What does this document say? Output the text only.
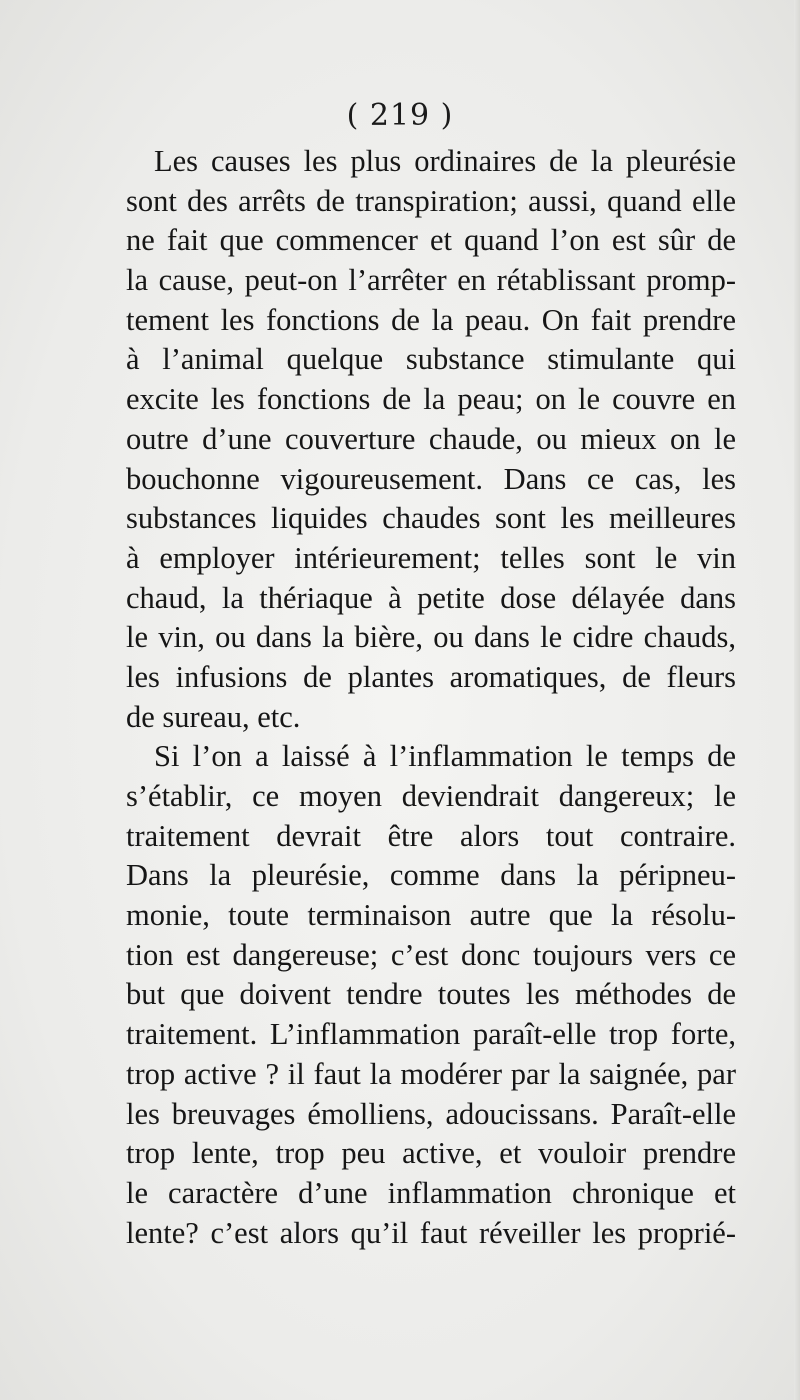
( 219 )
Les causes les plus ordinaires de la pleurésie
sont des arrêts de transpiration; aussi, quand elle
ne fait que commencer et quand l’on est sûr de
la cause, peut-on l’arrêter en rétablissant promp-
tement les fonctions de la peau. On fait prendre
à l’animal quelque substance stimulante qui
excite les fonctions de la peau; on le couvre en
outre d’une couverture chaude, ou mieux on le
bouchonne vigoureusement. Dans ce cas, les
substances liquides chaudes sont les meilleures
à employer intérieurement; telles sont le vin
chaud, la thériaque à petite dose délayée dans
le vin, ou dans la bière, ou dans le cidre chauds,
les infusions de plantes aromatiques, de fleurs
de sureau, etc.
Si l’on a laissé à l’inflammation le temps de
s’établir, ce moyen deviendrait dangereux; le
traitement devrait être alors tout contraire.
Dans la pleurésie, comme dans la péripneu-
monie, toute terminaison autre que la résolu-
tion est dangereuse; c’est donc toujours vers ce
but que doivent tendre toutes les méthodes de
traitement. L’inflammation paraît-elle trop forte,
trop active ? il faut la modérer par la saignée, par
les breuvages émolliens, adoucissans. Paraît-elle
trop lente, trop peu active, et vouloir prendre
le caractère d’une inflammation chronique et
lente? c’est alors qu’il faut réveiller les proprié-
